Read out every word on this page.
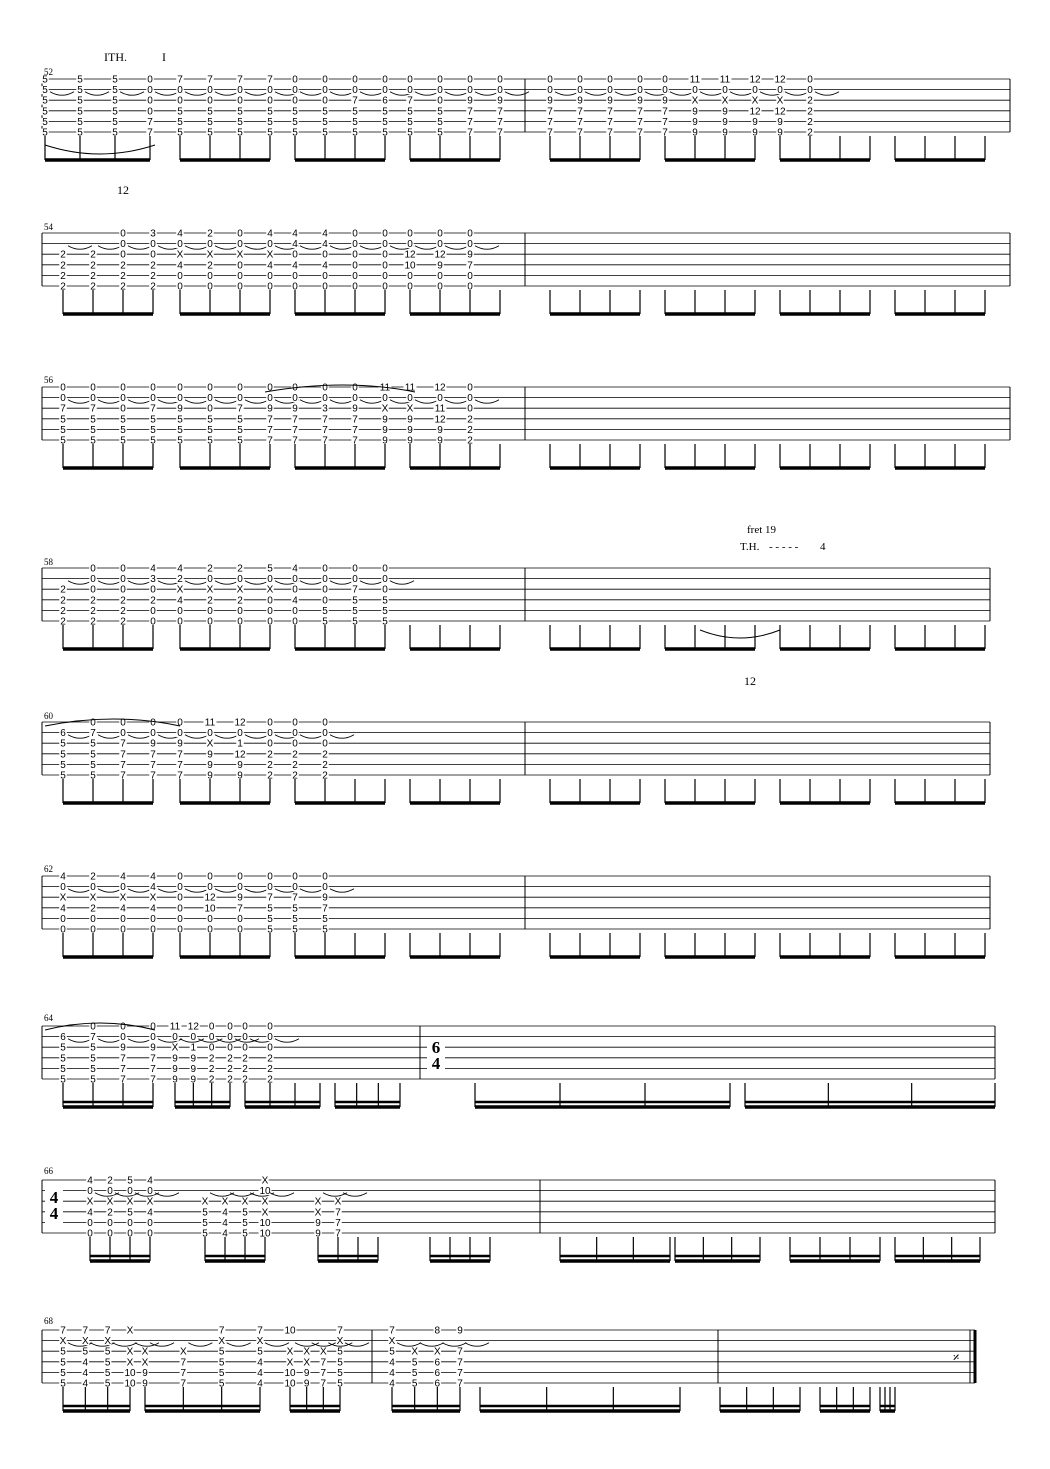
5
5
5
5
5
5
5
5
5
5
5
5
5
5
5
5
5
5
0
0
0
0
7
7
7
0
0
5
5
5
7
0
0
5
5
5
7
0
0
5
5
5
7
0
0
5
5
5
0
0
0
5
5
5
0
0
0
5
5
5
0
0
7
5
5
5
0
0
6
5
5
5
0
0
7
5
5
5
0
0
0
5
5
5
0
0
9
7
7
7
0
0
9
7
7
7
0
0
9
7
7
7
0
0
9
7
7
7
0
0
9
7
7
7
0
0
9
7
7
7
0
0
9
7
7
7
11
0
X
9
9
9
11
0
X
9
9
9
12
0
X
12
9
9
12
0
X
12
9
9
0
0
2
2
2
2
2
2
2
2
2
2
2
2
0
0
0
2
2
2
3
0
0
2
2
2
4
0
X
4
0
0
2
0
X
2
0
0
0
0
X
0
0
0
4
0
X
4
0
0
4
4
0
4
0
0
4
4
0
4
0
0
0
0
0
0
0
0
0
0
0
0
0
0
0
0
12
10
0
0
0
0
12
9
0
0
0
0
9
7
0
0
0
0
7
5
5
5
0
0
7
5
5
5
0
0
0
5
5
5
0
0
7
5
5
5
0
0
9
5
5
5
0
0
0
5
5
5
0
0
7
5
5
5
0
0
9
7
7
7
0
0
9
7
7
7
0
0
3
7
7
7
0
0
9
7
7
7
11
0
X
9
9
9
11
0
X
9
9
9
12
0
11
12
9
9
0
0
0
2
2
2
2
2
2
2
0
0
0
2
2
2
0
0
0
2
2
2
4
3
0
2
0
0
4
2
X
4
0
0
2
0
X
2
0
0
2
0
X
2
0
0
5
0
X
0
0
0
4
0
0
4
0
0
0
0
0
0
5
5
0
0
7
5
5
5
0
0
0
5
5
5
6
5
5
5
5
0
7
5
5
5
5
0
0
7
7
7
7
0
0
9
7
7
7
0
0
9
7
7
7
11
0
X
9
9
9
12
0
1
12
9
9
0
0
0
2
2
2
0
0
0
2
2
2
0
0
0
2
2
2
4
0
X
4
0
0
2
0
X
2
0
0
4
0
X
4
0
0
4
4
X
4
0
0
0
0
0
0
0
0
0
0
12
10
0
0
0
0
9
7
0
0
0
0
7
5
5
5
0
0
7
5
5
5
0
0
9
7
5
5
6
5
5
5
5
0
7
5
5
5
5
0
0
9
7
7
7
0
0
9
7
7
7
11
0
X
9
9
9
12
0
1
9
9
9
0
0
0
2
2
2
0
0
0
2
2
2
0
0
0
2
2
2
0
0
0
2
2
2
4
0
X
4
0
0
2
0
X
2
0
0
5
0
X
5
0
0
4
0
X
4
0
0
X
5
5
5
X
4
4
4
X
5
5
5
X
10
X
X
10
10
X
X
9
9
X
7
7
7
7
X
5
5
5
5
7
X
5
4
4
4
7
X
5
5
5
5
X
X
X
10
10
X
X
9
9
X
7
7
7
7
X
5
5
5
5
7
X
5
4
4
4
10
X
X
10
10
X
X
9
9
X
7
7
7
7
X
5
5
5
5
7
X
5
4
4
4
X
5
5
5
8
X
6
6
6
9
7
7
7
7
52
54
56
58
60
62
64
66
68
ITH.	I
12
fret 19
T.H. - - - - - 4
12
6
4
4
4
𝄎
